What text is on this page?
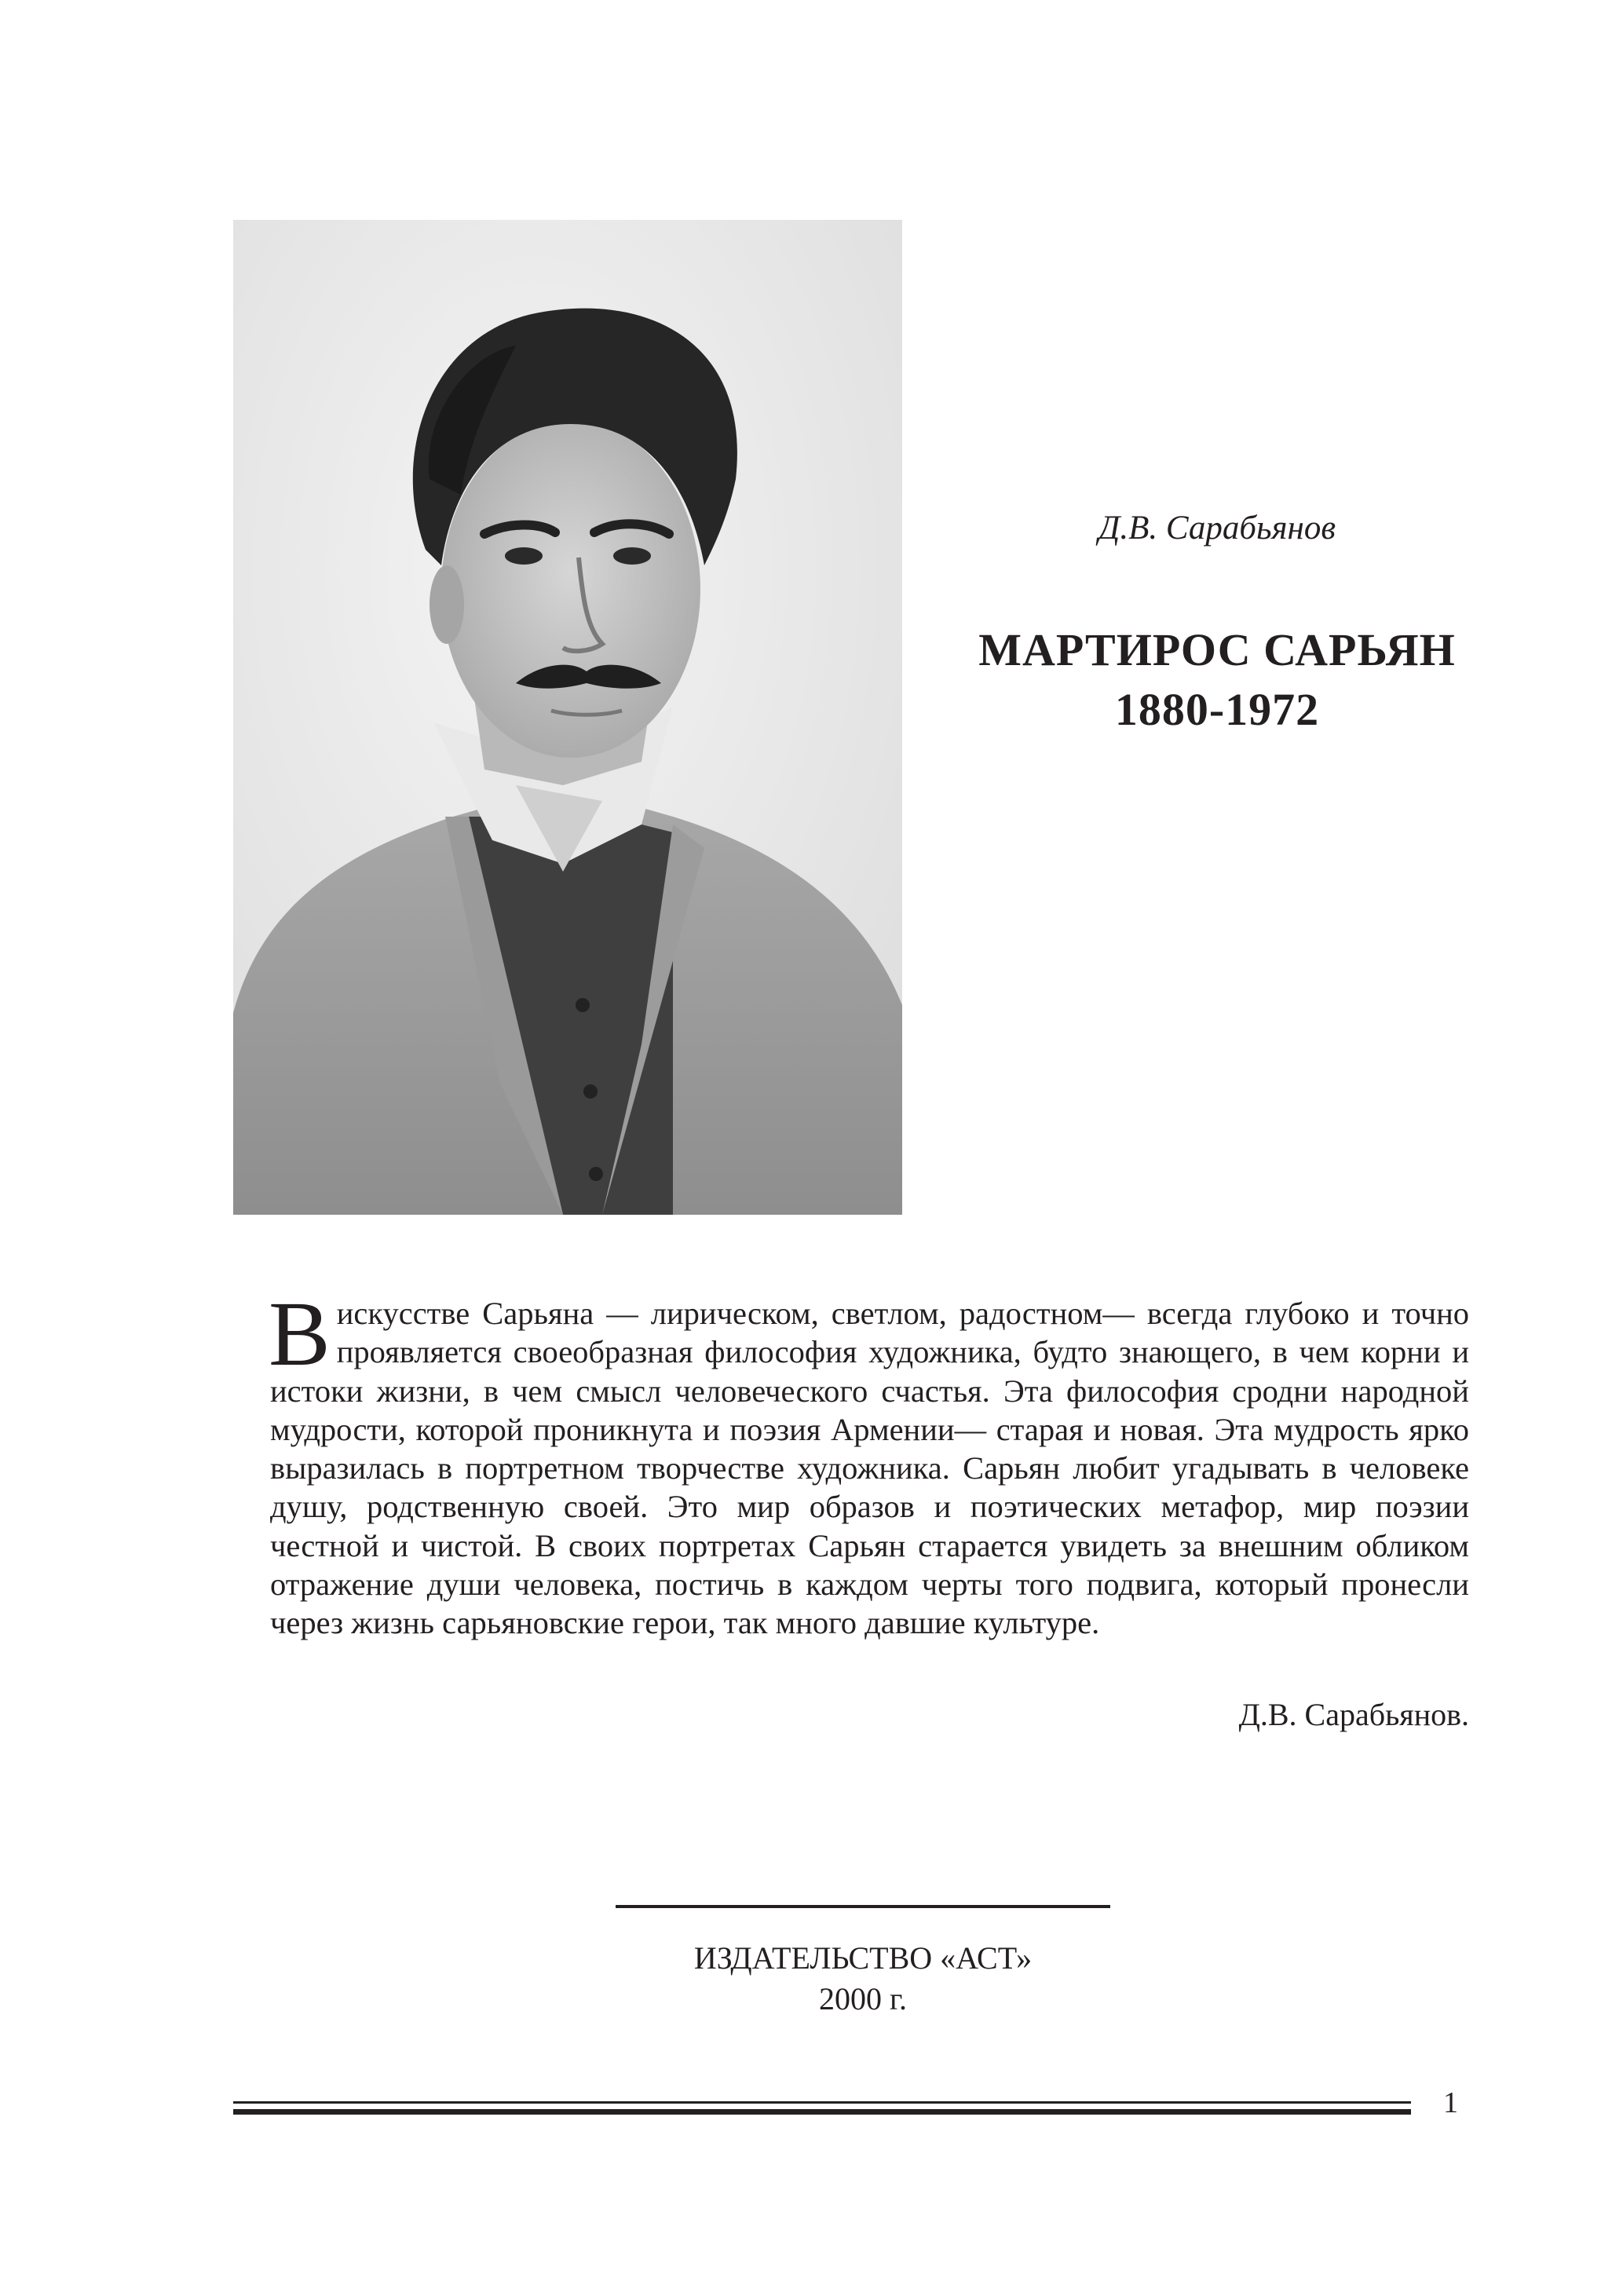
Д.В. Сарабьянов
МАРТИРОС САРЬЯН
1880-1972
В искусстве Сарьяна — лирическом, светлом, радостном— всегда глубоко и точно проявляется своеобразная философия художника, будто знающего, в чем корни и истоки жизни, в чем смысл человеческого счастья. Эта философия сродни народной мудрости, которой проникнута и поэзия Армении— старая и новая. Эта мудрость ярко выразилась в портретном творчестве художника. Сарьян любит угадывать в человеке душу, родственную своей. Это мир образов и поэтических метафор, мир поэзии честной и чистой. В своих портретах Сарьян старается увидеть за внешним обликом отражение души человека, постичь в каждом черты того подвига, который пронесли через жизнь сарьяновские герои, так много давшие культуре.
Д.В. Сарабьянов.
ИЗДАТЕЛЬСТВО «АСТ»
2000 г.
1
